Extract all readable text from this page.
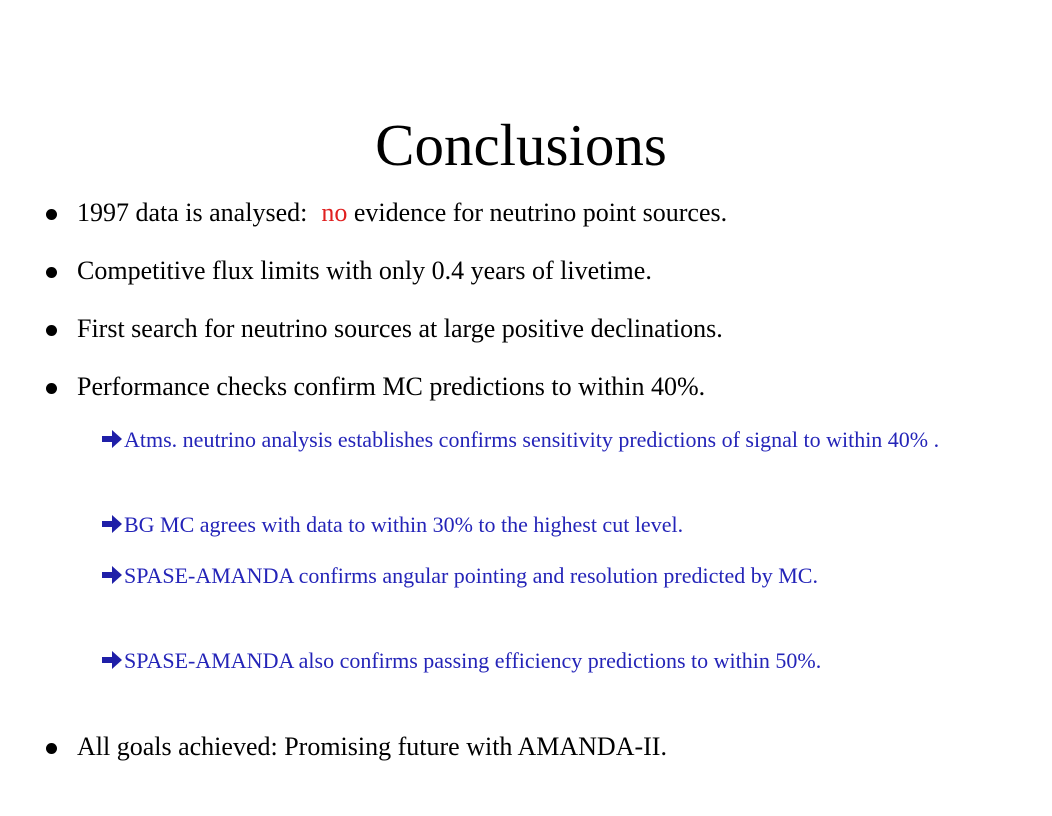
Conclusions
1997 data is analysed: no evidence for neutrino point sources.
Competitive flux limits with only 0.4 years of livetime.
First search for neutrino sources at large positive declinations.
Performance checks confirm MC predictions to within 40%.
Atms. neutrino analysis establishes confirms sensitivity predictions of signal to within 40% .
BG MC agrees with data to within 30% to the highest cut level.
SPASE-AMANDA confirms angular pointing and resolution predicted by MC.
SPASE-AMANDA also confirms passing efficiency predictions to within 50%.
All goals achieved: Promising future with AMANDA-II.
